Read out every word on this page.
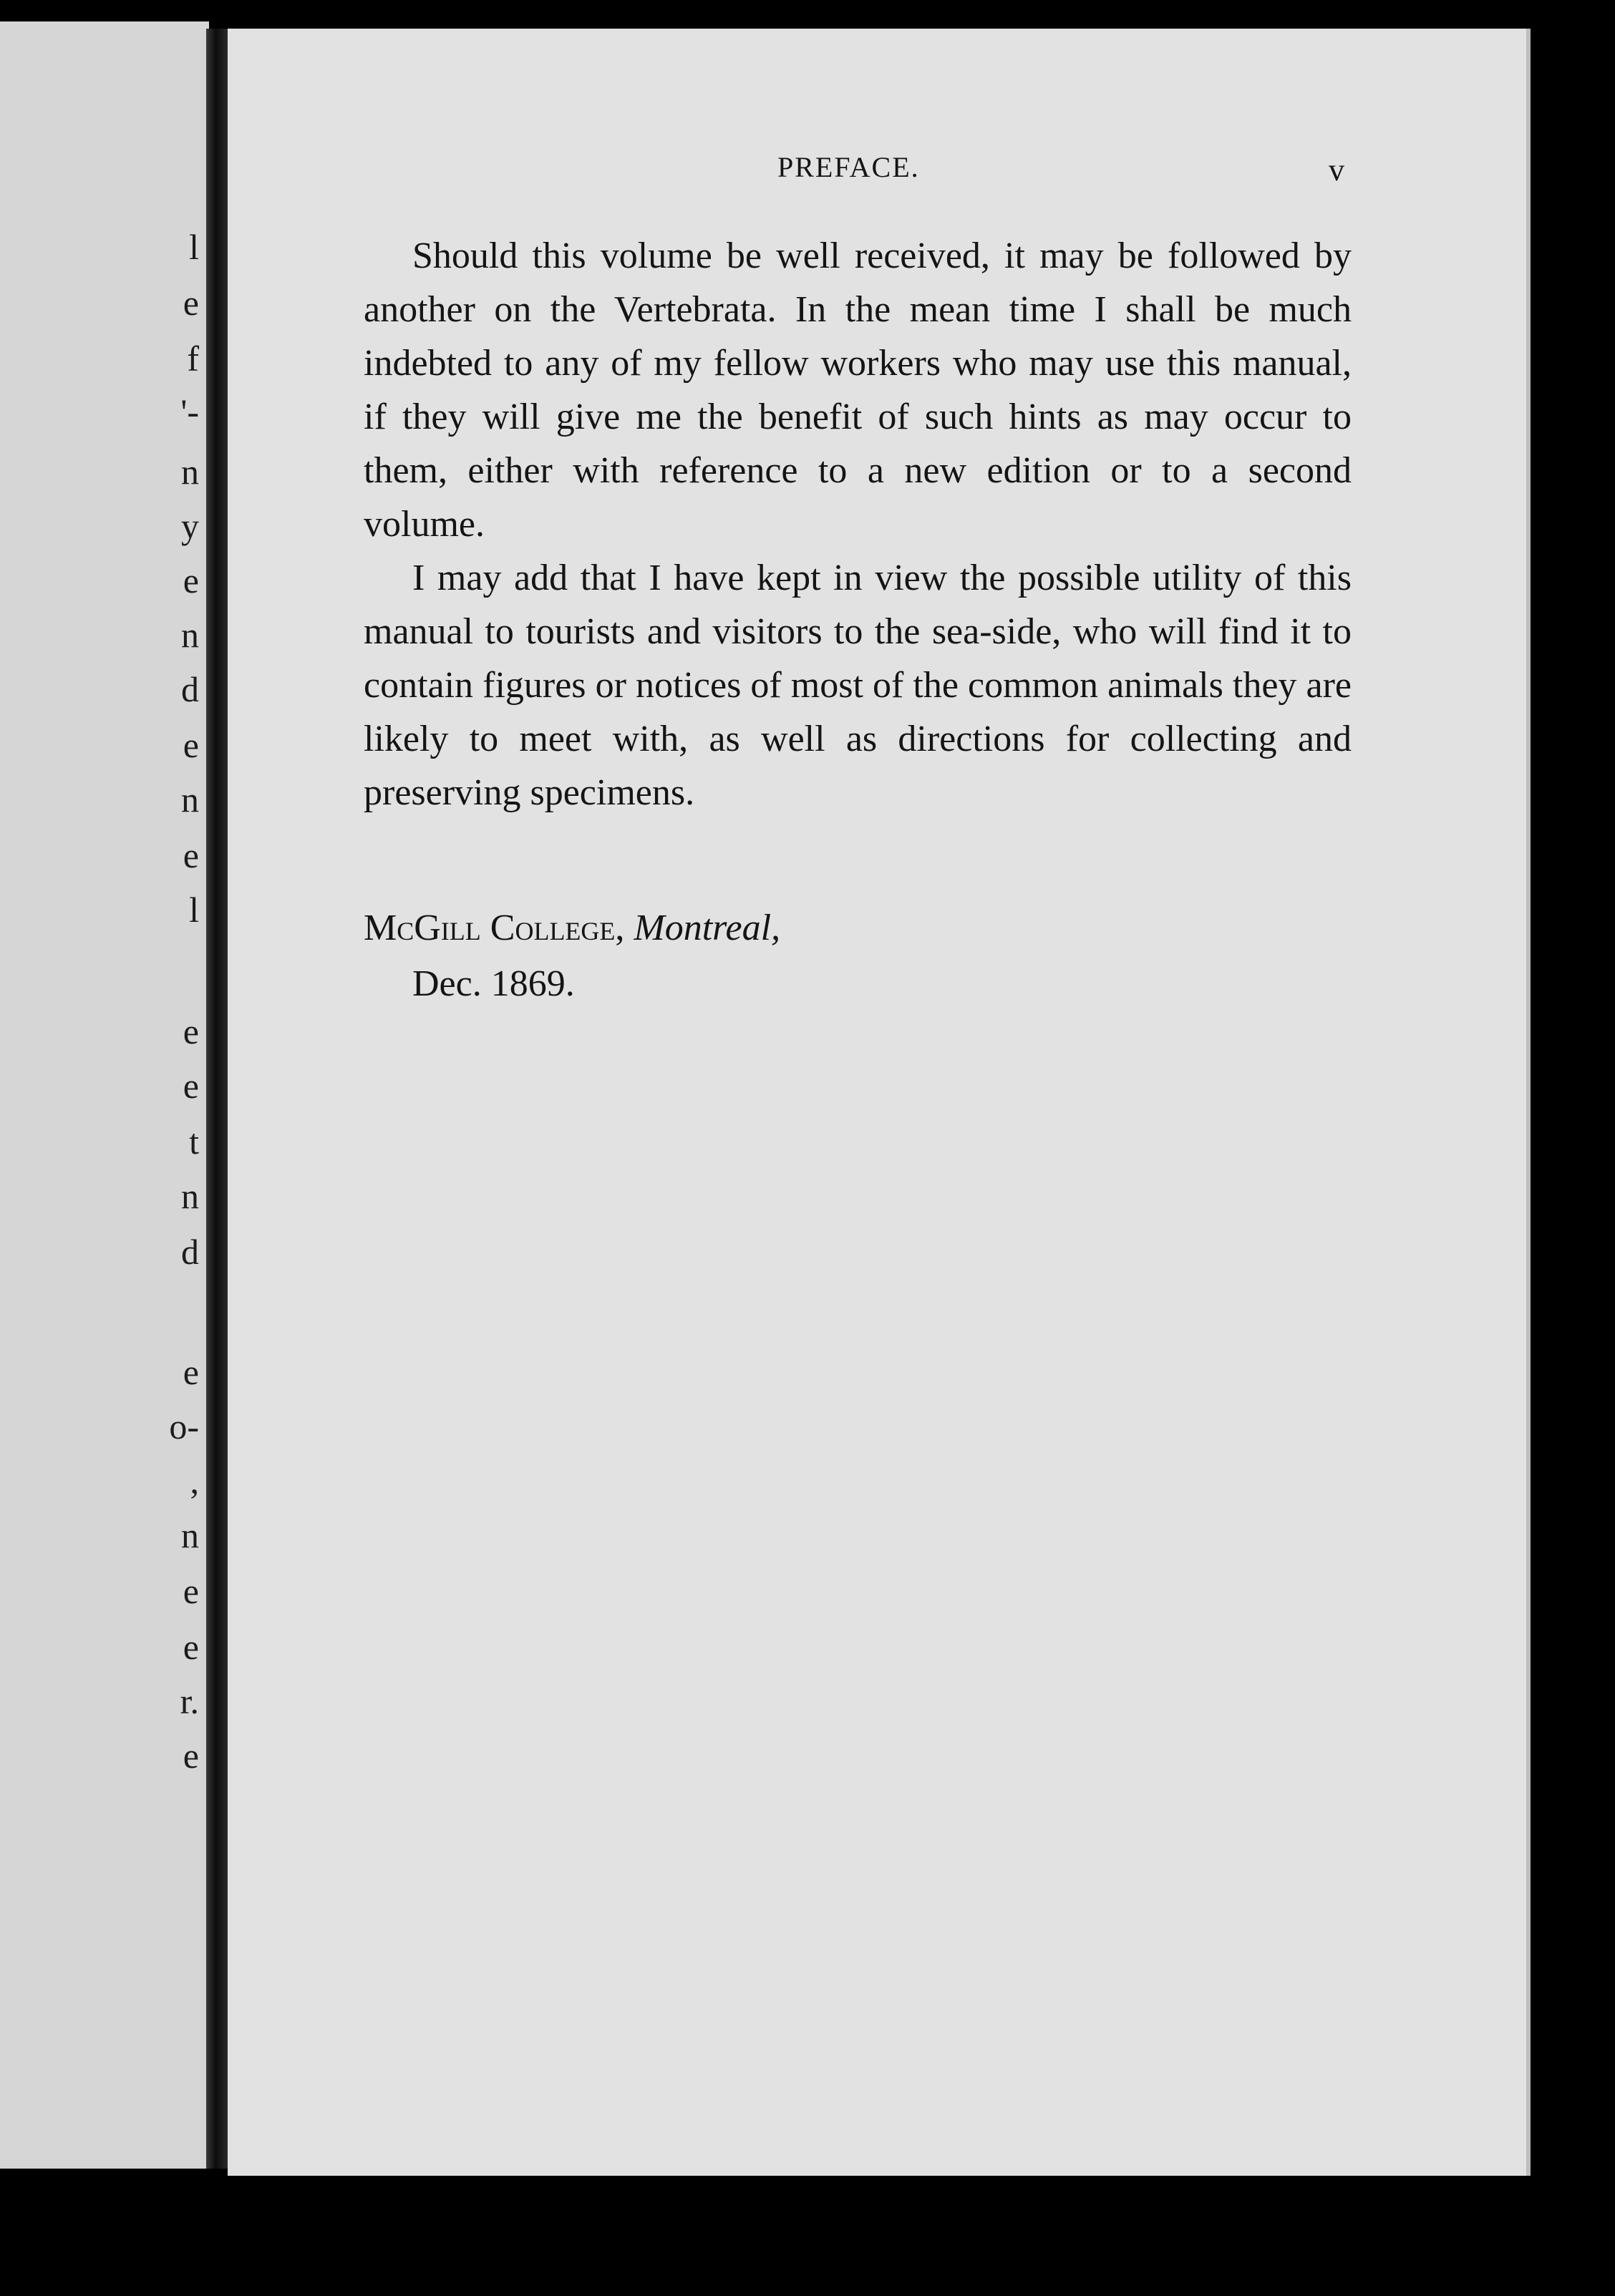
l
e
f
'-
n
y
e
n
d
e
n
e
l
e
e
t
n
d
e
o-
,
n
e
e
r.
e
PREFACE.	v

Should this volume be well received, it may be followed by another on the Vertebrata. In the mean time I shall be much indebted to any of my fellow workers who may use this manual, if they will give me the benefit of such hints as may occur to them, either with reference to a new edition or to a second volume.

I may add that I have kept in view the possible utility of this manual to tourists and visitors to the sea-side, who will find it to contain figures or notices of most of the common animals they are likely to meet with, as well as directions for collecting and preserving specimens.

McGill College, Montreal,
Dec. 1869.
